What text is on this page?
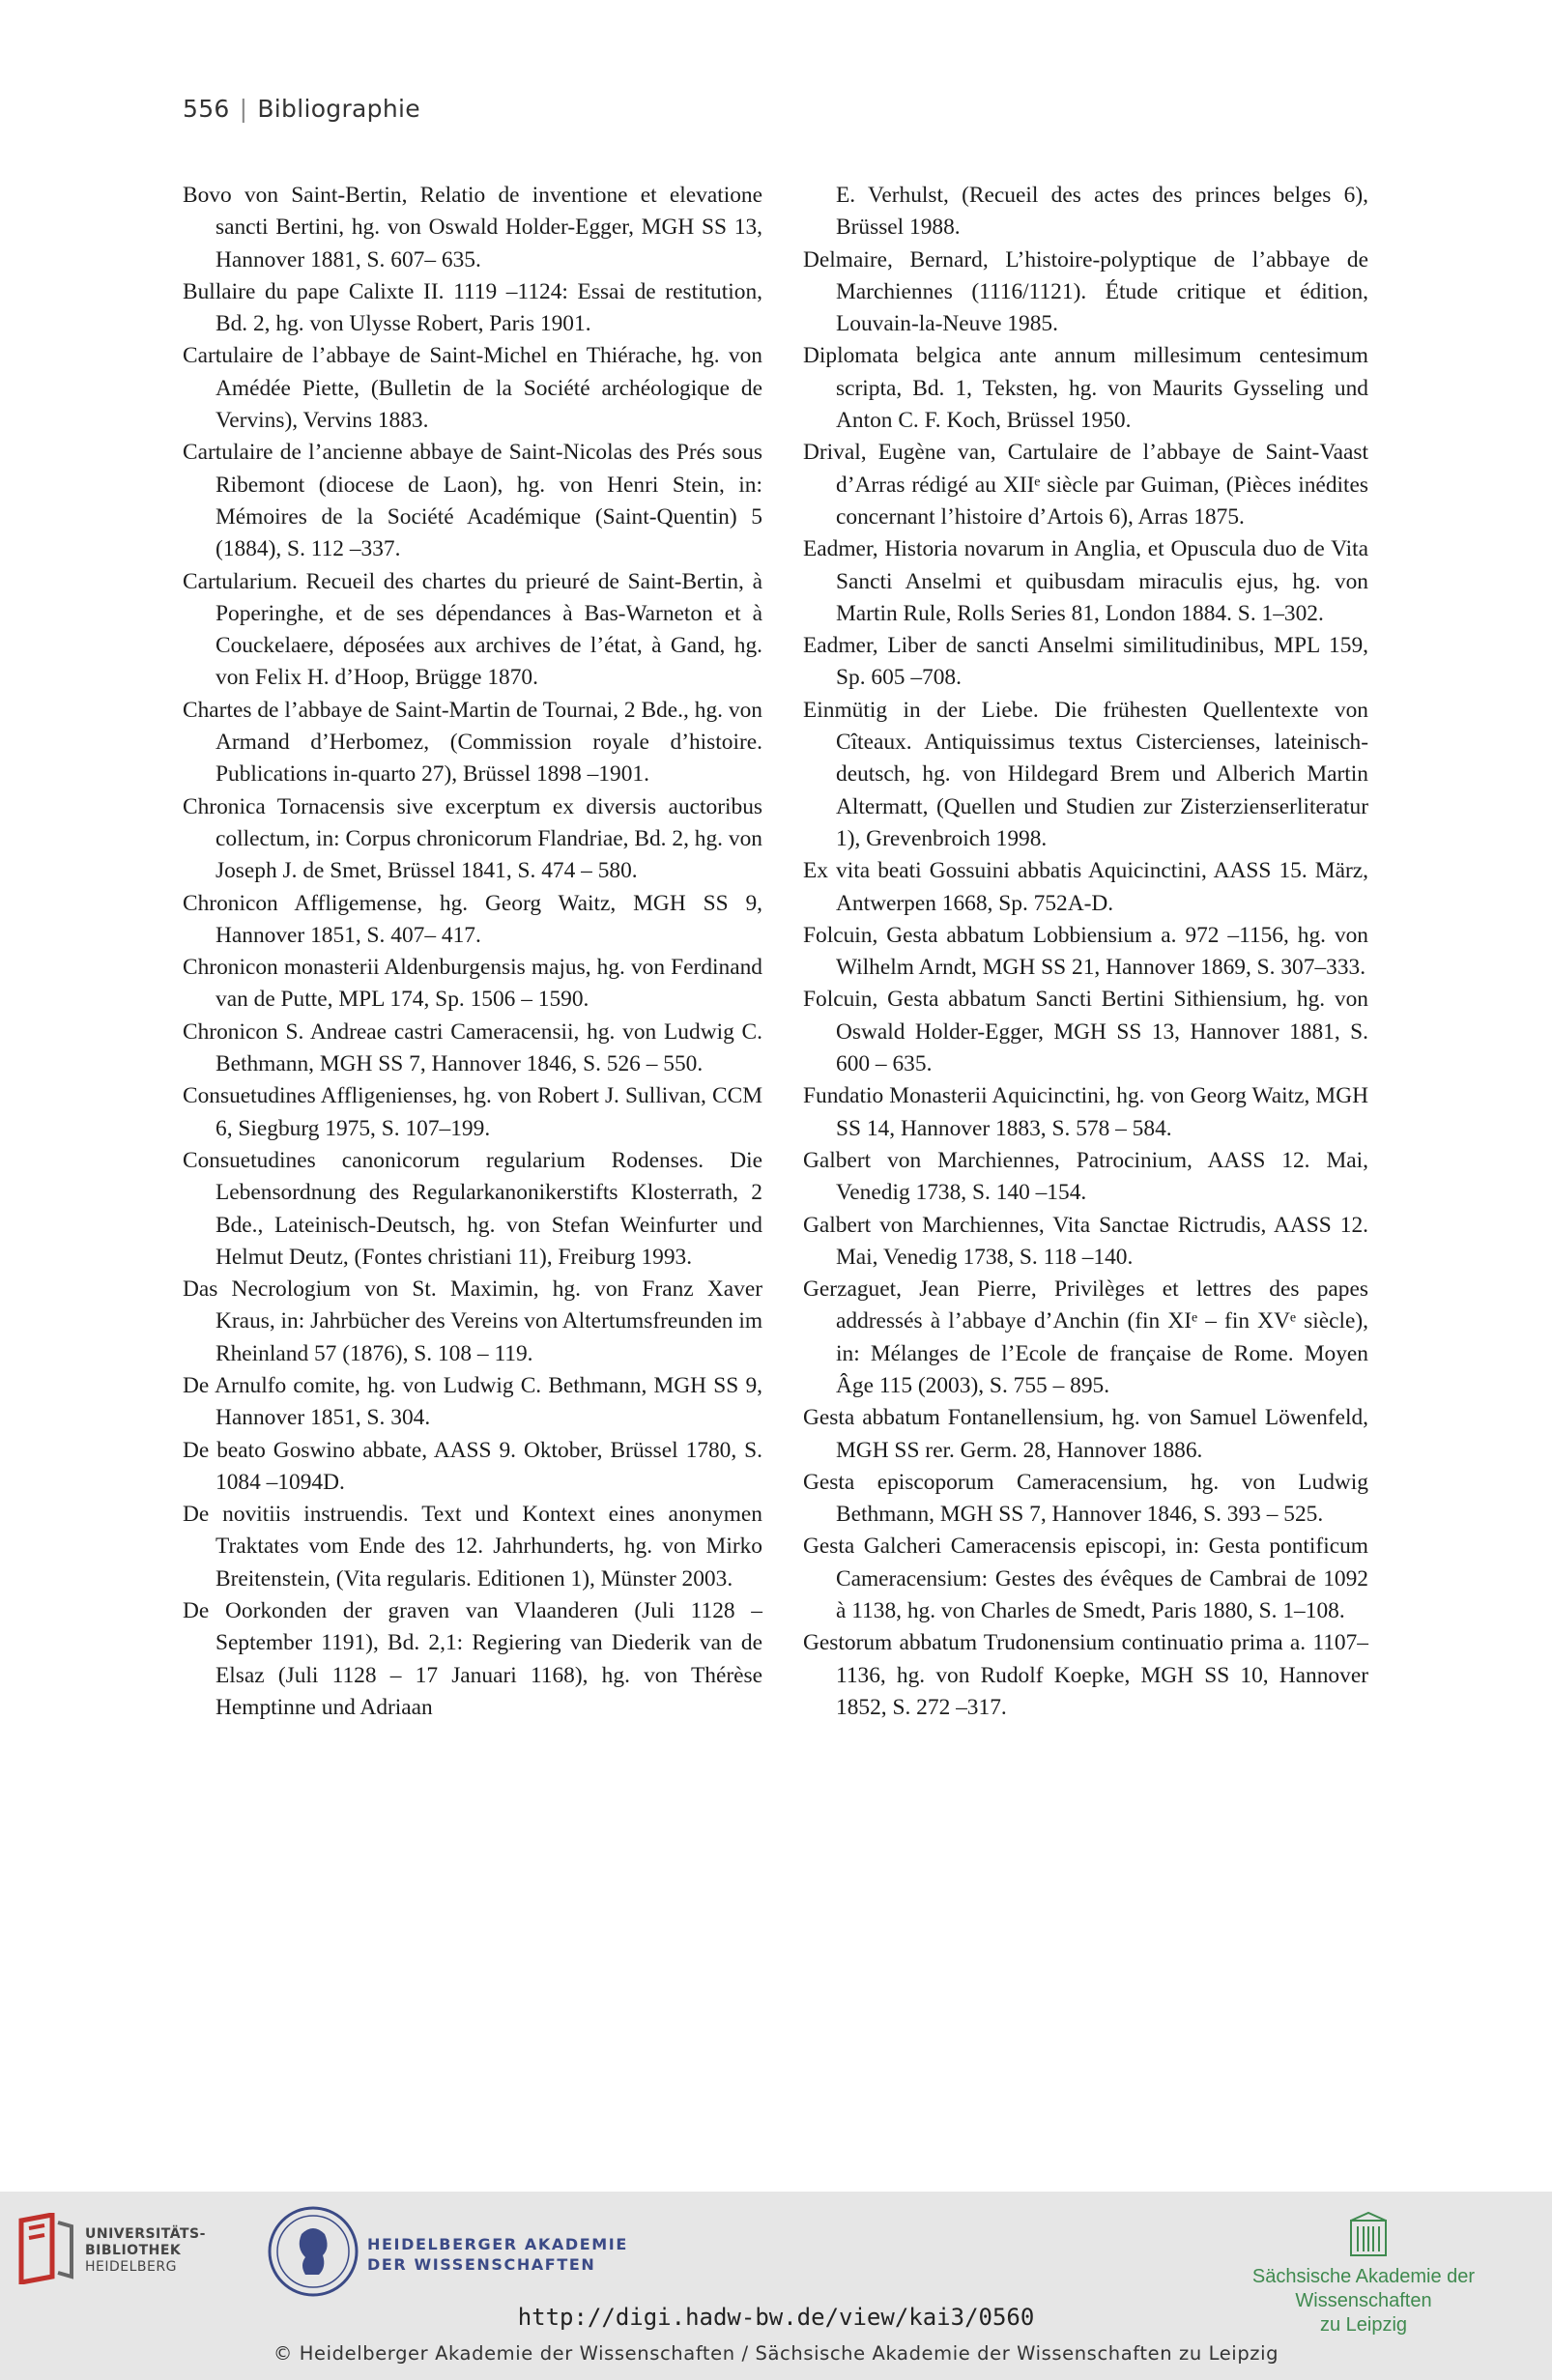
556 | Bibliographie

Bovo von Saint-Bertin, Relatio de inventione et elevatione sancti Bertini, hg. von Oswald Holder-Egger, MGH SS 13, Hannover 1881, S. 607– 635.

Bullaire du pape Calixte II. 1119 –1124: Essai de restitution, Bd. 2, hg. von Ulysse Robert, Paris 1901.

Cartulaire de l’abbaye de Saint-Michel en Thiérache, hg. von Amédée Piette, (Bulletin de la Société archéologique de Vervins), Vervins 1883.

Cartulaire de l’ancienne abbaye de Saint-Nicolas des Prés sous Ribemont (diocese de Laon), hg. von Henri Stein, in: Mémoires de la Société Académique (Saint-Quentin) 5 (1884), S. 112 –337.

Cartularium. Recueil des chartes du prieuré de Saint-Bertin, à Poperinghe, et de ses dépendances à Bas-Warneton et à Couckelaere, déposées aux archives de l’état, à Gand, hg. von Felix H. d’Hoop, Brügge 1870.

Chartes de l’abbaye de Saint-Martin de Tournai, 2 Bde., hg. von Armand d’Herbomez, (Commission royale d’histoire. Publications in-quarto 27), Brüssel 1898 –1901.

Chronica Tornacensis sive excerptum ex diversis auctoribus collectum, in: Corpus chronicorum Flandriae, Bd. 2, hg. von Joseph J. de Smet, Brüssel 1841, S. 474 – 580.

Chronicon Affligemense, hg. Georg Waitz, MGH SS 9, Hannover 1851, S. 407– 417.

Chronicon monasterii Aldenburgensis majus, hg. von Ferdinand van de Putte, MPL 174, Sp. 1506 – 1590.

Chronicon S. Andreae castri Cameracensii, hg. von Ludwig C. Bethmann, MGH SS 7, Hannover 1846, S. 526 – 550.

Consuetudines Affligenienses, hg. von Robert J. Sullivan, CCM 6, Siegburg 1975, S. 107–199.

Consuetudines canonicorum regularium Rodenses. Die Lebensordnung des Regularkanonikerstifts Klosterrath, 2 Bde., Lateinisch-Deutsch, hg. von Stefan Weinfurter und Helmut Deutz, (Fontes christiani 11), Freiburg 1993.

Das Necrologium von St. Maximin, hg. von Franz Xaver Kraus, in: Jahrbücher des Vereins von Altertumsfreunden im Rheinland 57 (1876), S. 108 – 119.

De Arnulfo comite, hg. von Ludwig C. Bethmann, MGH SS 9, Hannover 1851, S. 304.

De beato Goswino abbate, AASS 9. Oktober, Brüssel 1780, S. 1084 –1094D.

De novitiis instruendis. Text und Kontext eines anonymen Traktates vom Ende des 12. Jahrhunderts, hg. von Mirko Breitenstein, (Vita regularis. Editionen 1), Münster 2003.

De Oorkonden der graven van Vlaanderen (Juli 1128 – September 1191), Bd. 2,1: Regiering van Diederik van de Elsaz (Juli 1128 – 17 Januari 1168), hg. von Thérèse Hemptinne und Adriaan

E. Verhulst, (Recueil des actes des princes belges 6), Brüssel 1988.

Delmaire, Bernard, L’histoire-polyptique de l’abbaye de Marchiennes (1116/1121). Étude critique et édition, Louvain-la-Neuve 1985.

Diplomata belgica ante annum millesimum centesimum scripta, Bd. 1, Teksten, hg. von Maurits Gysseling und Anton C. F. Koch, Brüssel 1950.

Drival, Eugène van, Cartulaire de l’abbaye de Saint-Vaast d’Arras rédigé au XIIᵉ siècle par Guiman, (Pièces inédites concernant l’histoire d’Artois 6), Arras 1875.

Eadmer, Historia novarum in Anglia, et Opuscula duo de Vita Sancti Anselmi et quibusdam miraculis ejus, hg. von Martin Rule, Rolls Series 81, London 1884. S. 1–302.

Eadmer, Liber de sancti Anselmi similitudinibus, MPL 159, Sp. 605 –708.

Einmütig in der Liebe. Die frühesten Quellentexte von Cîteaux. Antiquissimus textus Cistercienses, lateinisch-deutsch, hg. von Hildegard Brem und Alberich Martin Altermatt, (Quellen und Studien zur Zisterzienserliteratur 1), Grevenbroich 1998.

Ex vita beati Gossuini abbatis Aquicinctini, AASS 15. März, Antwerpen 1668, Sp. 752A-D.

Folcuin, Gesta abbatum Lobbiensium a. 972 –1156, hg. von Wilhelm Arndt, MGH SS 21, Hannover 1869, S. 307–333.

Folcuin, Gesta abbatum Sancti Bertini Sithiensium, hg. von Oswald Holder-Egger, MGH SS 13, Hannover 1881, S. 600 – 635.

Fundatio Monasterii Aquicinctini, hg. von Georg Waitz, MGH SS 14, Hannover 1883, S. 578 – 584.

Galbert von Marchiennes, Patrocinium, AASS 12. Mai, Venedig 1738, S. 140 –154.

Galbert von Marchiennes, Vita Sanctae Rictrudis, AASS 12. Mai, Venedig 1738, S. 118 –140.

Gerzaguet, Jean Pierre, Privilèges et lettres des papes addressés à l’abbaye d’Anchin (fin XIᵉ – fin XVᵉ siècle), in: Mélanges de l’Ecole de française de Rome. Moyen Âge 115 (2003), S. 755 – 895.

Gesta abbatum Fontanellensium, hg. von Samuel Löwenfeld, MGH SS rer. Germ. 28, Hannover 1886.

Gesta episcoporum Cameracensium, hg. von Ludwig Bethmann, MGH SS 7, Hannover 1846, S. 393 – 525.

Gesta Galcheri Cameracensis episcopi, in: Gesta pontificum Cameracensium: Gestes des évêques de Cambrai de 1092 à 1138, hg. von Charles de Smedt, Paris 1880, S. 1–108.

Gestorum abbatum Trudonensium continuatio prima a. 1107–1136, hg. von Rudolf Koepke, MGH SS 10, Hannover 1852, S. 272 –317.

UNIVERSITÄTS-
BIBLIOTHEK
HEIDELBERG
HEIDELBERGER AKADEMIE
DER WISSENSCHAFTEN
Sächsische Akademie der Wissenschaften
zu Leipzig
http://digi.hadw-bw.de/view/kai3/0560
© Heidelberger Akademie der Wissenschaften / Sächsische Akademie der Wissenschaften zu Leipzig
